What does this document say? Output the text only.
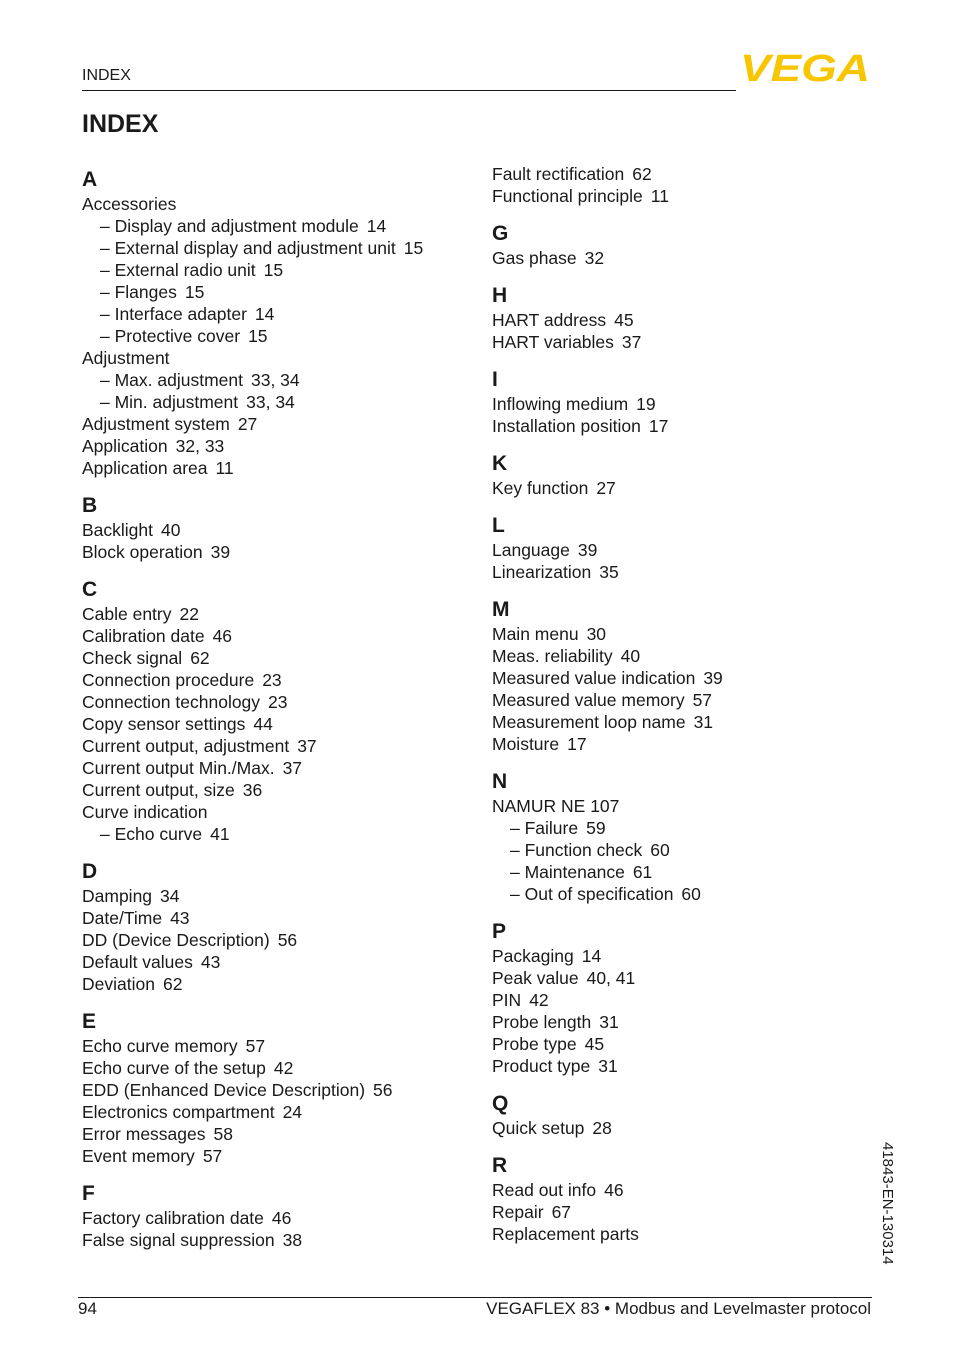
INDEX	VEGA
INDEX
A
Accessories
– Display and adjustment module 14
– External display and adjustment unit 15
– External radio unit 15
– Flanges 15
– Interface adapter 14
– Protective cover 15
Adjustment
– Max. adjustment 33, 34
– Min. adjustment 33, 34
Adjustment system 27
Application 32, 33
Application area 11
B
Backlight 40
Block operation 39
C
Cable entry 22
Calibration date 46
Check signal 62
Connection procedure 23
Connection technology 23
Copy sensor settings 44
Current output, adjustment 37
Current output Min./Max. 37
Current output, size 36
Curve indication
– Echo curve 41
D
Damping 34
Date/Time 43
DD (Device Description) 56
Default values 43
Deviation 62
E
Echo curve memory 57
Echo curve of the setup 42
EDD (Enhanced Device Description) 56
Electronics compartment 24
Error messages 58
Event memory 57
F
Factory calibration date 46
False signal suppression 38
Fault rectification 62
Functional principle 11
G
Gas phase 32
H
HART address 45
HART variables 37
I
Inflowing medium 19
Installation position 17
K
Key function 27
L
Language 39
Linearization 35
M
Main menu 30
Meas. reliability 40
Measured value indication 39
Measured value memory 57
Measurement loop name 31
Moisture 17
N
NAMUR NE 107
– Failure 59
– Function check 60
– Maintenance 61
– Out of specification 60
P
Packaging 14
Peak value 40, 41
PIN 42
Probe length 31
Probe type 45
Product type 31
Q
Quick setup 28
R
Read out info 46
Repair 67
Replacement parts	41843-EN-130314
94	VEGAFLEX 83 • Modbus and Levelmaster protocol
